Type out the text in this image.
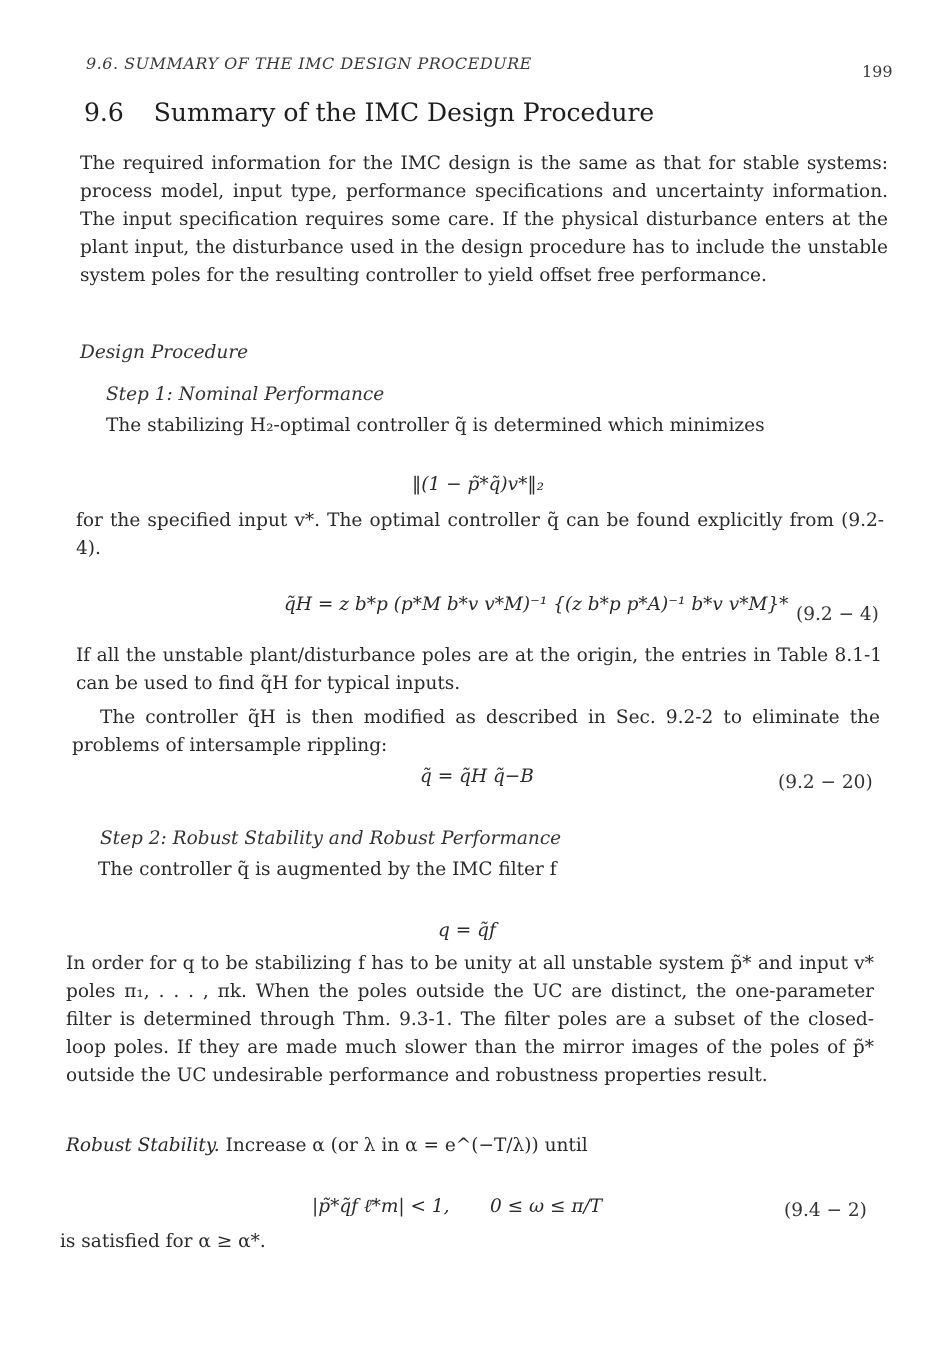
9.6. SUMMARY OF THE IMC DESIGN PROCEDURE	199
9.6 Summary of the IMC Design Procedure
The required information for the IMC design is the same as that for stable systems: process model, input type, performance specifications and uncertainty information. The input specification requires some care. If the physical disturbance enters at the plant input, the disturbance used in the design procedure has to include the unstable system poles for the resulting controller to yield offset free performance.
Design Procedure
Step 1: Nominal Performance
The stabilizing H₂-optimal controller q̃ is determined which minimizes
‖(1 − p̃*q̃)v*‖₂
for the specified input v*. The optimal controller q̃ can be found explicitly from (9.2-4).
q̃H = z b*p (p*M b*v v*M)⁻¹ {(z b*p p*A)⁻¹ b*v v*M}* (9.2 − 4)
If all the unstable plant/disturbance poles are at the origin, the entries in Table 8.1-1 can be used to find q̃H for typical inputs.
The controller q̃H is then modified as described in Sec. 9.2-2 to eliminate the problems of intersample rippling:
q̃ = q̃H q̃−B	(9.2 − 20)
Step 2: Robust Stability and Robust Performance
The controller q̃ is augmented by the IMC filter f
q = q̃f
In order for q to be stabilizing f has to be unity at all unstable system p̃* and input v* poles π₁, . . . , πk. When the poles outside the UC are distinct, the one-parameter filter is determined through Thm. 9.3-1. The filter poles are a subset of the closed-loop poles. If they are made much slower than the mirror images of the poles of p̃* outside the UC undesirable performance and robustness properties result.
Robust Stability. Increase α (or λ in α = e^(−T/λ)) until
|p̃*q̃f ℓ̄*m| < 1, 0 ≤ ω ≤ π/T	(9.4 − 2)
is satisfied for α ≥ α*.
